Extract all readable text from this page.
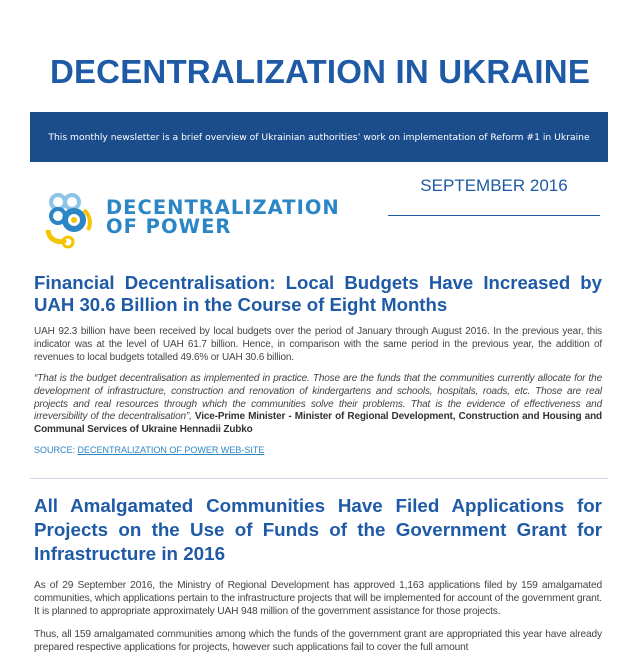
DECENTRALIZATION IN UKRAINE
This monthly newsletter is a brief overview of Ukrainian authorities’ work on implementation of Reform #1 in Ukraine
DECENTRALIZATION
OF POWER
SEPTEMBER 2016
Financial Decentralisation: Local Budgets Have Increased by UAH 30.6 Billion in the Course of Eight Months

UAH 92.3 billion have been received by local budgets over the period of January through August 2016. In the previous year, this indicator was at the level of UAH 61.7 billion. Hence, in comparison with the same period in the previous year, the addition of revenues to local budgets totalled 49.6% or UAH 30.6 billion.

“That is the budget decentralisation as implemented in practice. Those are the funds that the communities currently allocate for the development of infrastructure, construction and renovation of kindergartens and schools, hospitals, roads, etc. Those are real projects and real resources through which the communities solve their problems. That is the evidence of effectiveness and irreversibility of the decentralisation”, Vice-Prime Minister - Minister of Regional Development, Construction and Housing and Communal Services of Ukraine Hennadii Zubko

SOURCE: DECENTRALIZATION OF POWER WEB-SITE
All Amalgamated Communities Have Filed Applications for Projects on the Use of Funds of the Government Grant for Infrastructure in 2016

As of 29 September 2016, the Ministry of Regional Development has approved 1,163 applications filed by 159 amalgamated communities, which applications pertain to the infrastructure projects that will be implemented for account of the government grant. It is planned to appropriate approximately UAH 948 million of the government assistance for those projects.

Thus, all 159 amalgamated communities among which the funds of the government grant are appropriated this year have already prepared respective applications for projects, however such applications fail to cover the full amount
